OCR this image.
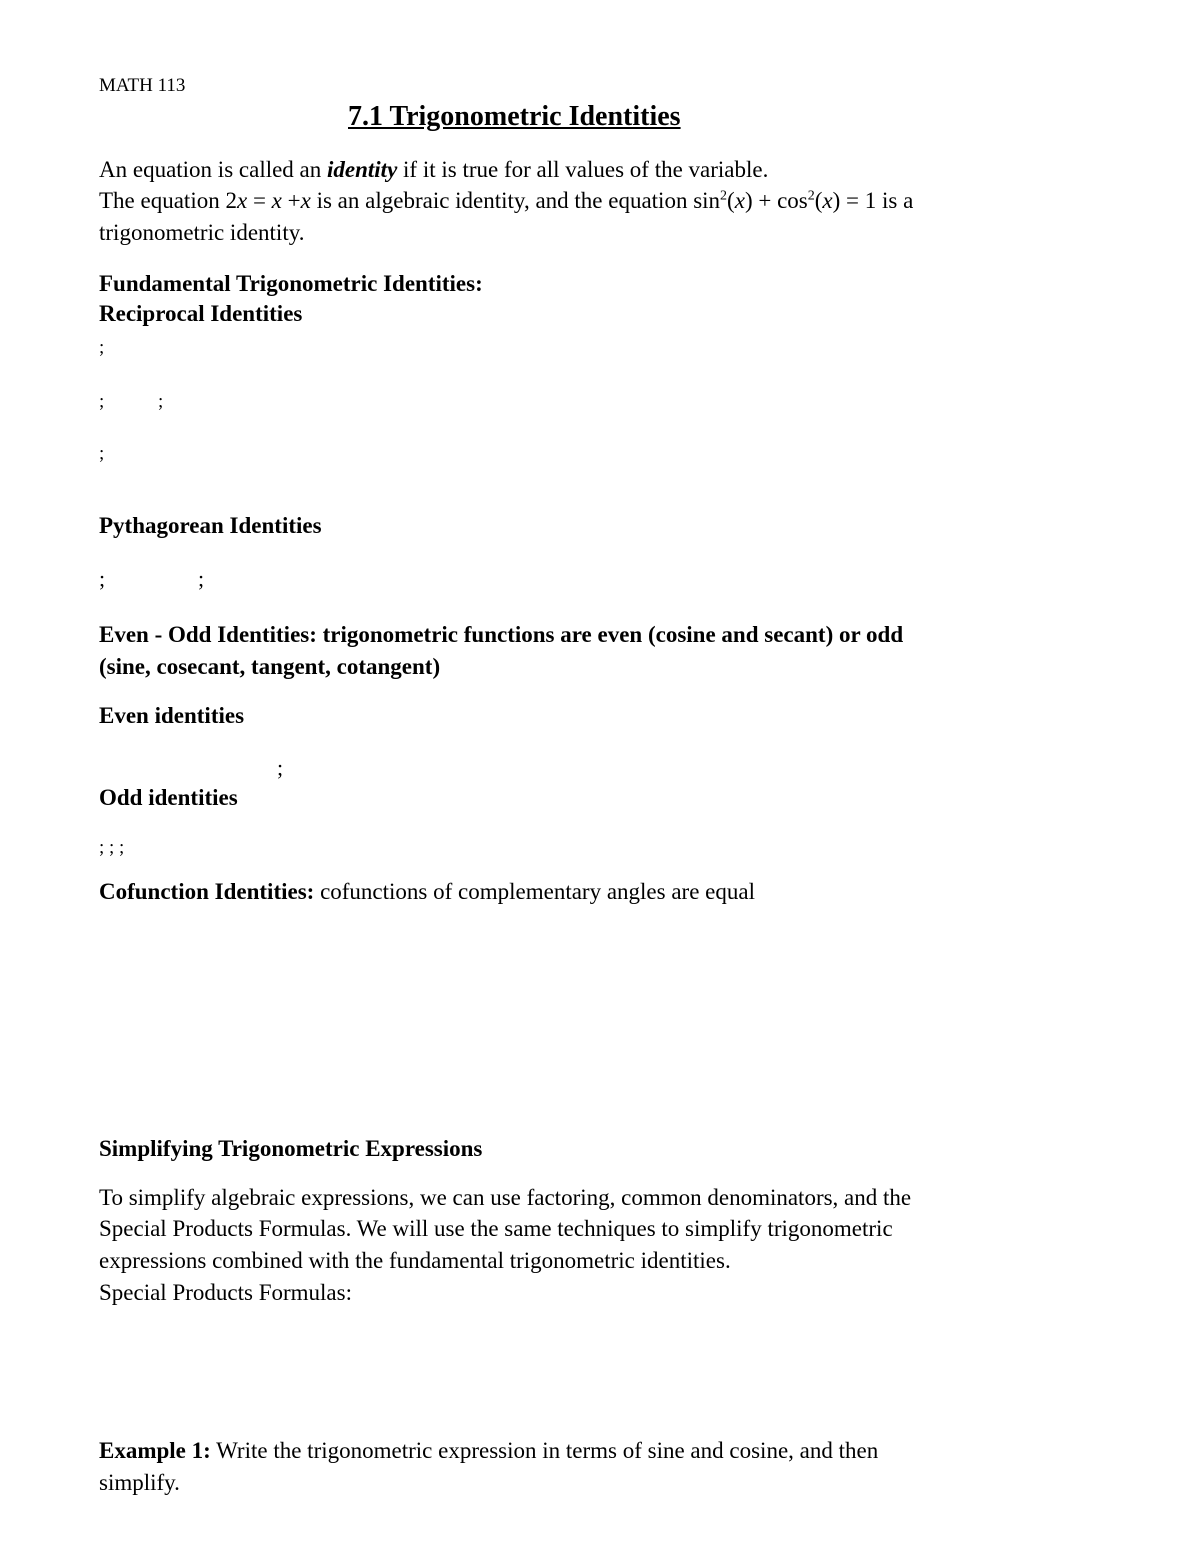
MATH 113

7.1 Trigonometric Identities

An equation is called an identity if it is true for all values of the variable.

The equation 2x = x +x is an algebraic identity, and the equation $\sin^2(x) + \cos^2(x) = 1$ is a

trigonometric identity.

Fundamental Trigonometric Identities:

Reciprocal Identities

;
;	;
;

Pythagorean Identities

;	;

Even - Odd Identities: trigonometric functions are even (cosine and secant) or odd

(sine, cosecant, tangent, cotangent)

Even identities

;

Odd identities

; ; ;

Cofunction Identities: cofunctions of complementary angles are equal

Simplifying Trigonometric Expressions

To simplify algebraic expressions, we can use factoring, common denominators, and the

Special Products Formulas. We will use the same techniques to simplify trigonometric

expressions combined with the fundamental trigonometric identities.

Special Products Formulas:

Example 1: Write the trigonometric expression in terms of sine and cosine, and then

simplify.
